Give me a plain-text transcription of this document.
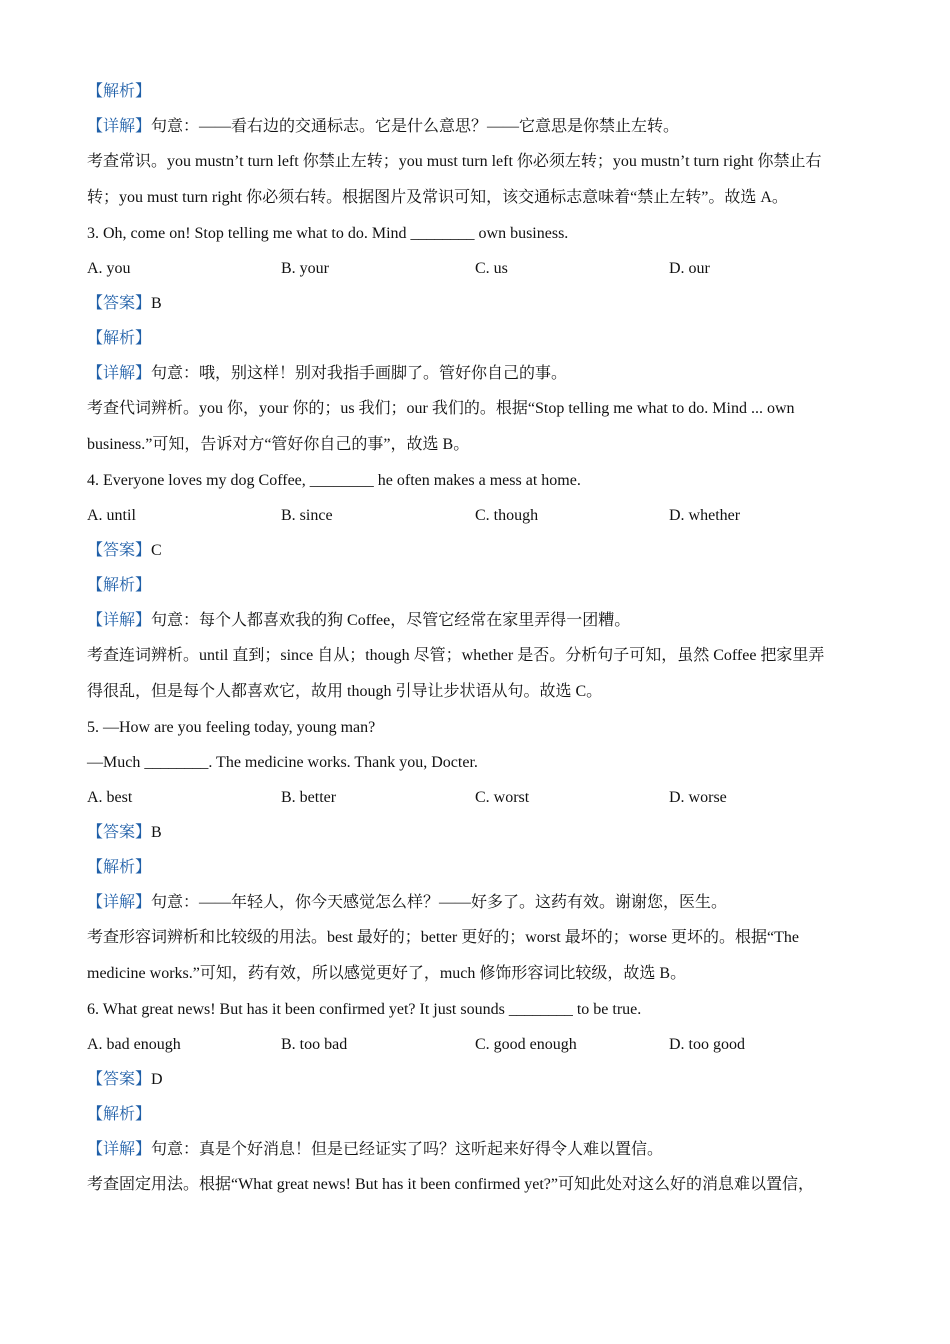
【解析】
【详解】句意：——看右边的交通标志。它是什么意思？——它意思是你禁止左转。
考查常识。you mustn’t turn left 你禁止左转；you must turn left 你必须左转；you mustn’t turn right 你禁止右
转；you must turn right 你必须右转。根据图片及常识可知，该交通标志意味着“禁止左转”。故选 A。
3. Oh, come on! Stop telling me what to do. Mind ________ own business.
A. you	B. your	C. us	D. our
【答案】B
【解析】
【详解】句意：哦，别这样！别对我指手画脚了。管好你自己的事。
考查代词辨析。you 你，your 你的；us 我们；our 我们的。根据“Stop telling me what to do. Mind ... own
business.”可知，告诉对方“管好你自己的事”，故选 B。
4. Everyone loves my dog Coffee, ________ he often makes a mess at home.
A. until	B. since	C. though	D. whether
【答案】C
【解析】
【详解】句意：每个人都喜欢我的狗 Coffee，尽管它经常在家里弄得一团糟。
考查连词辨析。until 直到；since 自从；though 尽管；whether 是否。分析句子可知，虽然 Coffee 把家里弄
得很乱，但是每个人都喜欢它，故用 though 引导让步状语从句。故选 C。
5. —How are you feeling today, young man?
—Much ________. The medicine works. Thank you, Docter.
A. best	B. better	C. worst	D. worse
【答案】B
【解析】
【详解】句意：——年轻人，你今天感觉怎么样？——好多了。这药有效。谢谢您，医生。
考查形容词辨析和比较级的用法。best 最好的；better 更好的；worst 最坏的；worse 更坏的。根据“The
medicine works.”可知，药有效，所以感觉更好了，much 修饰形容词比较级，故选 B。
6. What great news! But has it been confirmed yet? It just sounds ________ to be true.
A. bad enough	B. too bad	C. good enough	D. too good
【答案】D
【解析】
【详解】句意：真是个好消息！但是已经证实了吗？这听起来好得令人难以置信。
考查固定用法。根据“What great news! But has it been confirmed yet?”可知此处对这么好的消息难以置信，
